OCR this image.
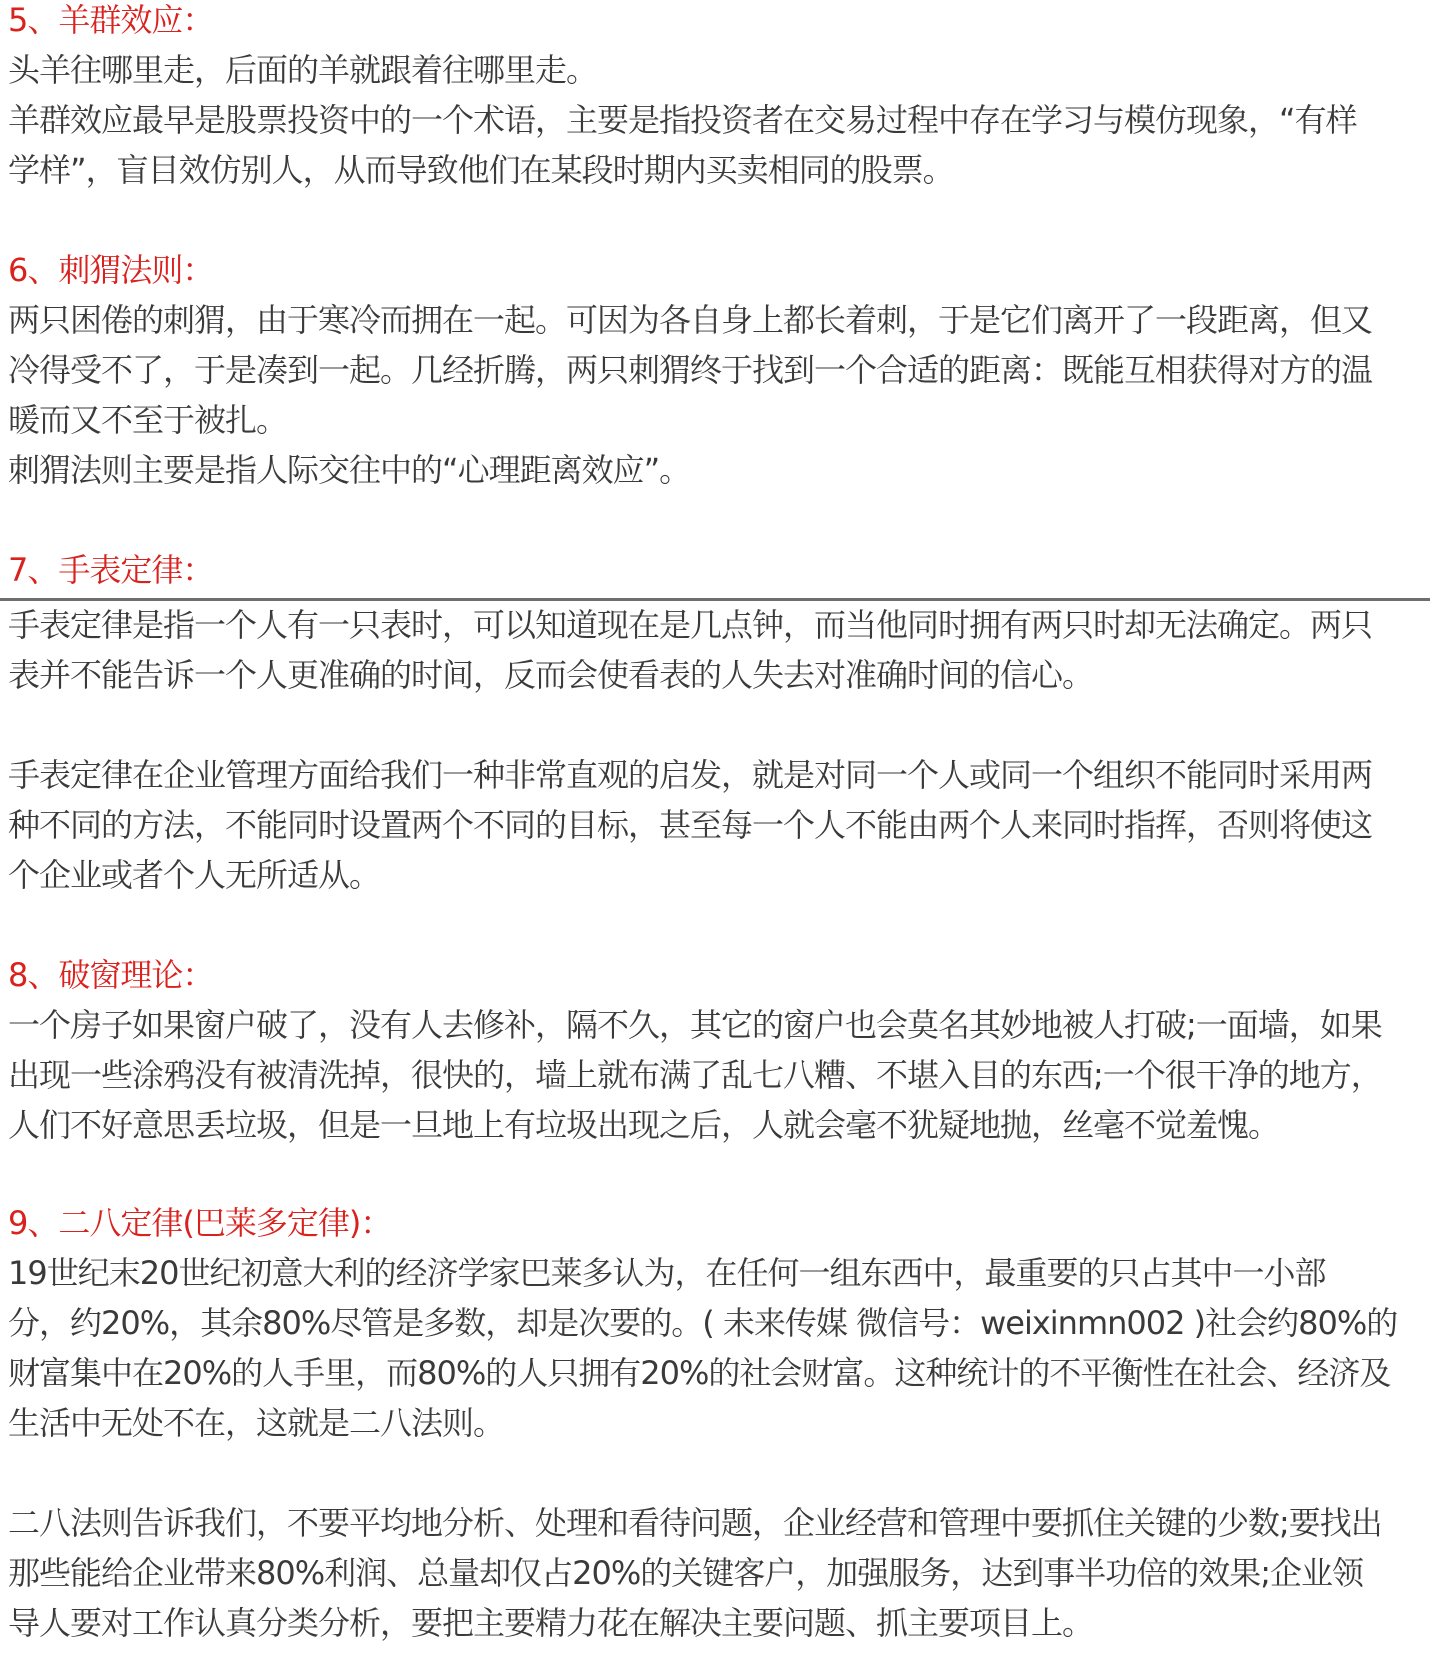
5、羊群效应：
头羊往哪里走，后面的羊就跟着往哪里走。
羊群效应最早是股票投资中的一个术语，主要是指投资者在交易过程中存在学习与模仿现象，“有样
学样”，盲目效仿别人，从而导致他们在某段时期内买卖相同的股票。
6、刺猬法则：
两只困倦的刺猬，由于寒冷而拥在一起。可因为各自身上都长着刺，于是它们离开了一段距离，但又
冷得受不了，于是凑到一起。几经折腾，两只刺猬终于找到一个合适的距离：既能互相获得对方的温
暖而又不至于被扎。
刺猬法则主要是指人际交往中的“心理距离效应”。
7、手表定律：
手表定律是指一个人有一只表时，可以知道现在是几点钟，而当他同时拥有两只时却无法确定。两只
表并不能告诉一个人更准确的时间，反而会使看表的人失去对准确时间的信心。
手表定律在企业管理方面给我们一种非常直观的启发，就是对同一个人或同一个组织不能同时采用两
种不同的方法，不能同时设置两个不同的目标，甚至每一个人不能由两个人来同时指挥，否则将使这
个企业或者个人无所适从。
8、破窗理论：
一个房子如果窗户破了，没有人去修补，隔不久，其它的窗户也会莫名其妙地被人打破;一面墙，如果
出现一些涂鸦没有被清洗掉，很快的，墙上就布满了乱七八糟、不堪入目的东西;一个很干净的地方，
人们不好意思丢垃圾，但是一旦地上有垃圾出现之后，人就会毫不犹疑地抛，丝毫不觉羞愧。
9、二八定律(巴莱多定律)：
19世纪末20世纪初意大利的经济学家巴莱多认为，在任何一组东西中，最重要的只占其中一小部
分，约20%，其余80%尽管是多数，却是次要的。( 未来传媒 微信号：weixinmn002 )社会约80%的
财富集中在20%的人手里，而80%的人只拥有20%的社会财富。这种统计的不平衡性在社会、经济及
生活中无处不在，这就是二八法则。
二八法则告诉我们，不要平均地分析、处理和看待问题，企业经营和管理中要抓住关键的少数;要找出
那些能给企业带来80%利润、总量却仅占20%的关键客户，加强服务，达到事半功倍的效果;企业领
导人要对工作认真分类分析，要把主要精力花在解决主要问题、抓主要项目上。
